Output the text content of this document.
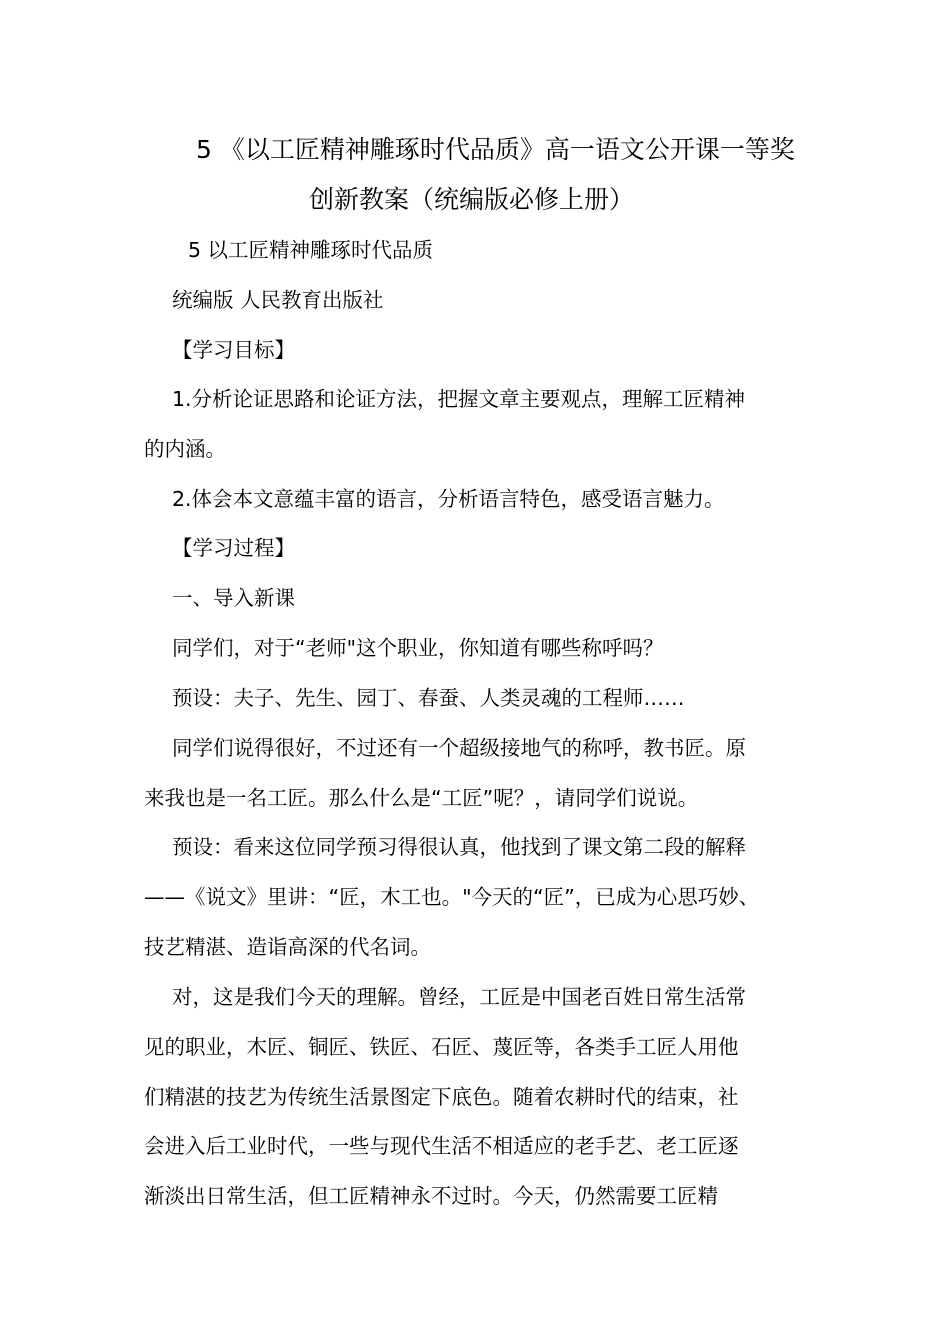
5 《以工匠精神雕琢时代品质》高一语文公开课一等奖
创新教案（统编版必修上册）
5 以工匠精神雕琢时代品质
统编版 人民教育出版社
【学习目标】
1.分析论证思路和论证方法，把握文章主要观点，理解工匠精神
的内涵。
2.体会本文意蕴丰富的语言，分析语言特色，感受语言魅力。
【学习过程】
一、导入新课
同学们，对于“老师"这个职业，你知道有哪些称呼吗？
预设：夫子、先生、园丁、春蚕、人类灵魂的工程师……
同学们说得很好，不过还有一个超级接地气的称呼，教书匠。原
来我也是一名工匠。那么什么是“工匠”呢？，请同学们说说。
预设：看来这位同学预习得很认真，他找到了课文第二段的解释
——《说文》里讲：“匠，木工也。"今天的“匠”，已成为心思巧妙、
技艺精湛、造诣高深的代名词。
对，这是我们今天的理解。曾经，工匠是中国老百姓日常生活常
见的职业，木匠、铜匠、铁匠、石匠、蔑匠等，各类手工匠人用他
们精湛的技艺为传统生活景图定下底色。随着农耕时代的结束，社
会进入后工业时代，一些与现代生活不相适应的老手艺、老工匠逐
渐淡出日常生活，但工匠精神永不过时。今天，仍然需要工匠精
